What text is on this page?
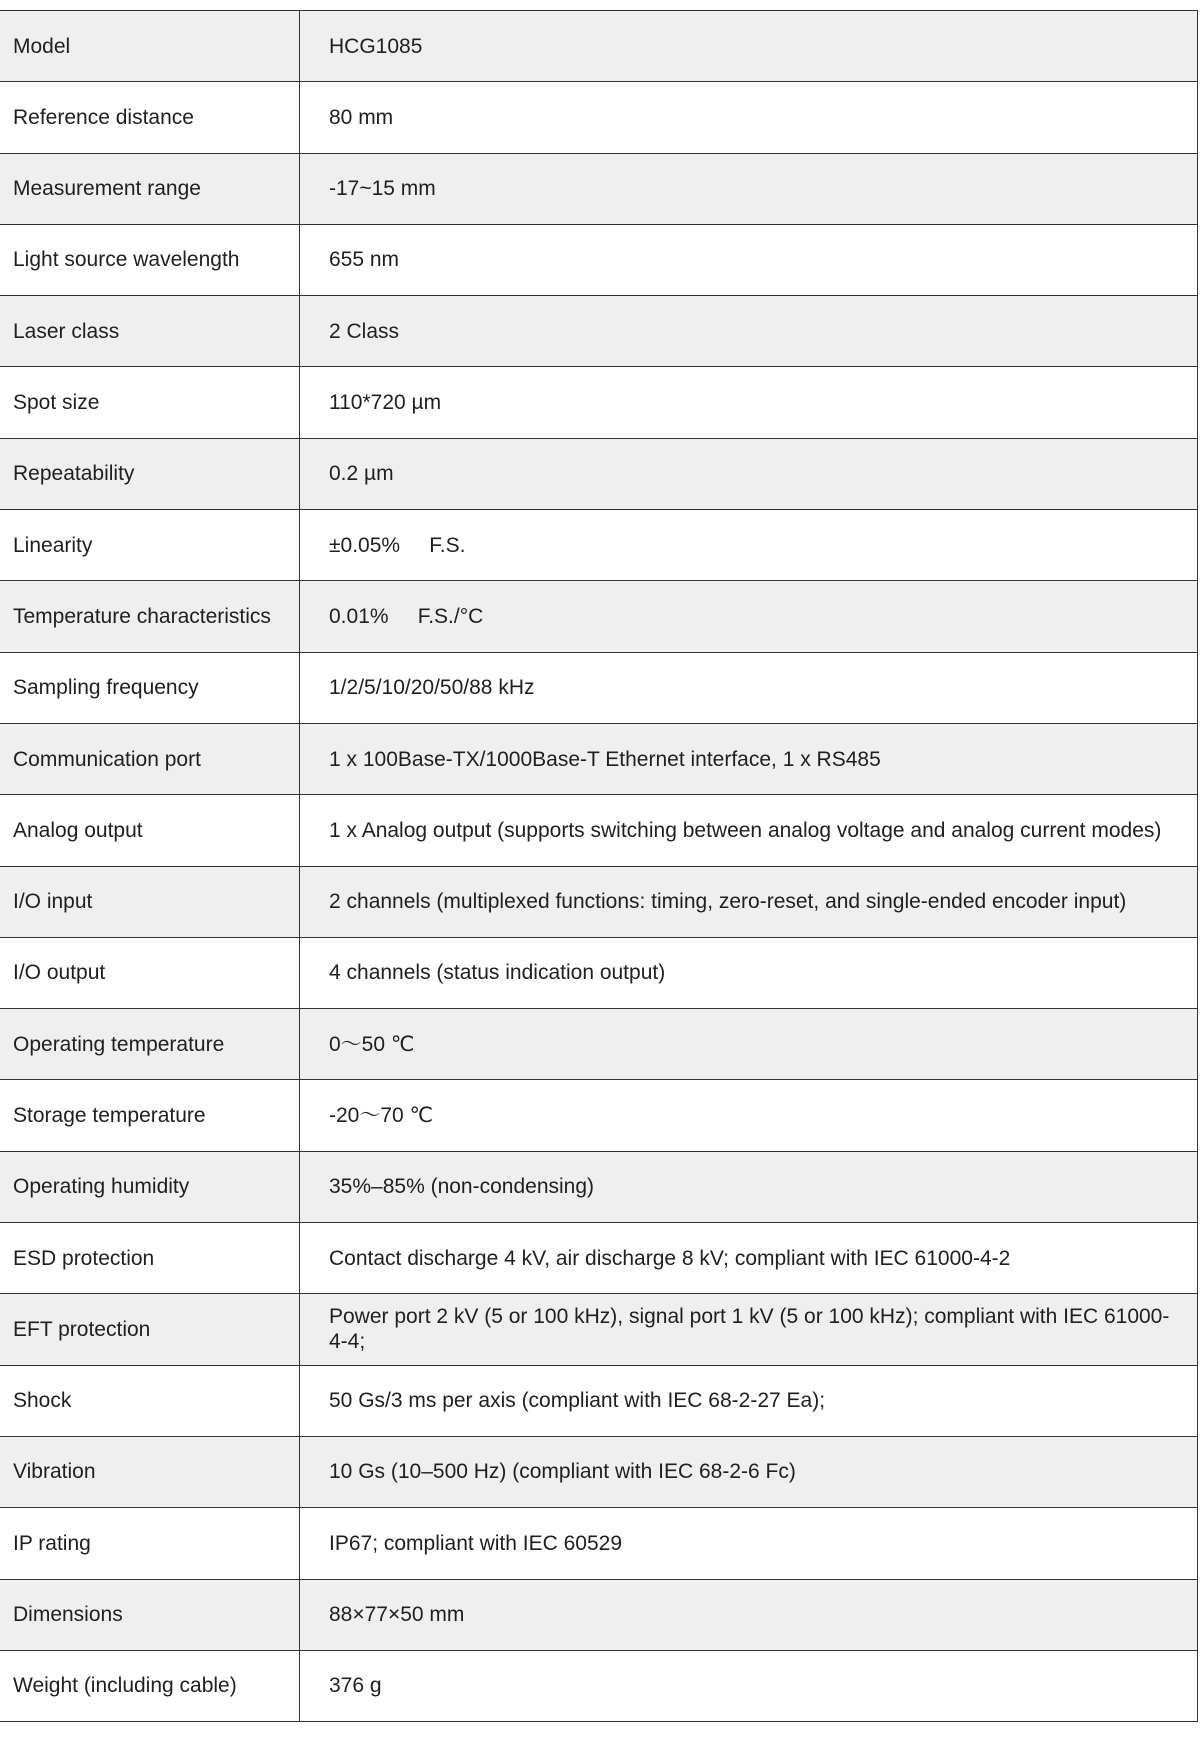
Model	HCG1085
Reference distance	80 mm
Measurement range	-17~15 mm
Light source wavelength	655 nm
Laser class	2 Class
Spot size	110*720 µm
Repeatability	0.2 µm
Linearity	±0.05%     F.S.
Temperature characteristics	0.01%     F.S./°C
Sampling frequency	1/2/5/10/20/50/88 kHz
Communication port	1 x 100Base-TX/1000Base-T Ethernet interface, 1 x RS485
Analog output	1 x Analog output (supports switching between analog voltage and analog current modes)
I/O input	2 channels (multiplexed functions: timing, zero-reset, and single-ended encoder input)
I/O output	4 channels (status indication output)
Operating temperature	0～50 ℃
Storage temperature	-20～70 ℃
Operating humidity	35%–85% (non-condensing)
ESD protection	Contact discharge 4 kV, air discharge 8 kV; compliant with IEC 61000-4-2
EFT protection	Power port 2 kV (5 or 100 kHz), signal port 1 kV (5 or 100 kHz); compliant with IEC 61000-4-4;
Shock	50 Gs/3 ms per axis (compliant with IEC 68-2-27 Ea);
Vibration	10 Gs (10–500 Hz) (compliant with IEC 68-2-6 Fc)
IP rating	IP67; compliant with IEC 60529
Dimensions	88×77×50 mm
Weight (including cable)	376 g
